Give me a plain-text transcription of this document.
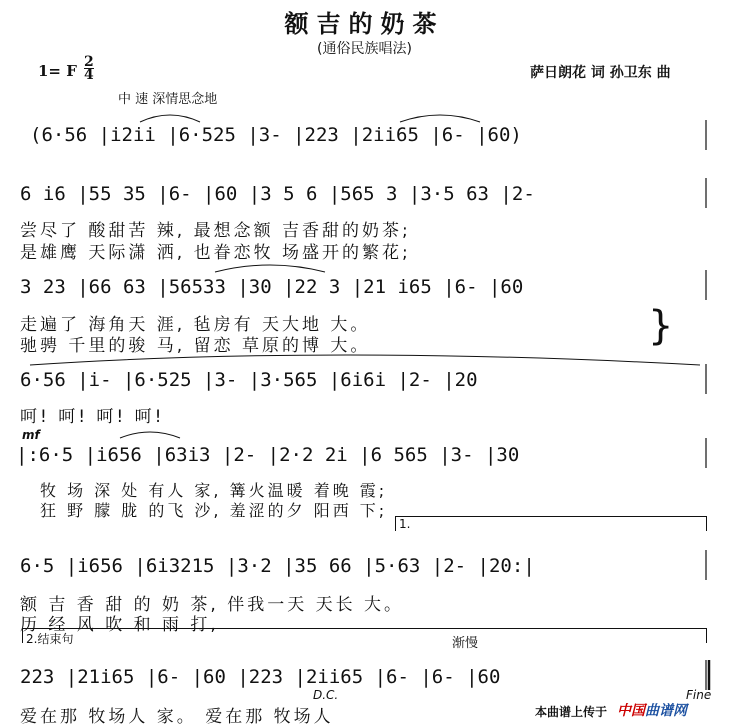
额吉的奶茶
(通俗民族唱法)
1= F 2
4	萨日朗花 词 孙卫东 曲
中 速 深情思念地
(6·56 |i2ii |6·525 |3- |223 |2ii65 |6- |60)
6 i6 |55 35 |6- |60 |3 5 6 |565 3 |3·5 63 |2-
尝尽了 酸甜苦 辣, 最想念额 吉香甜的奶茶;
是雄鹰 天际潇 洒, 也眷恋牧 场盛开的繁花;
3 23 |66 63 |56533 |30 |22 3 |21 i65 |6- |60
走遍了 海角天 涯, 毡房有 天大地 大。
驰骋 千里的骏 马, 留恋 草原的博 大。	}
6·56 |i- |6·525 |3- |3·565 |6i6i |2- |20
呵! 呵! 呵! 呵!
mf
|:6·5 |i656 |63i3 |2- |2·2 2i |6 565 |3- |30
牧 场 深 处 有人 家, 篝火温暖 着晚 霞;
狂 野 朦 胧 的飞 沙, 羞涩的夕 阳西 下;
1.
6·5 |i656 |6i3215 |3·2 |35 66 |5·63 |2- |20:|
额 吉 香 甜 的 奶 茶, 伴我一天 天长 大。
历 经 风 吹 和 雨 打,
2.结束句	渐慢
223 |21i65 |6- |60 |223 |2ii65 |6- |6- |60
D.C.	Fine
爱在那 牧场人 家。 爱在那 牧场人	本曲谱上传于 中国曲谱网
